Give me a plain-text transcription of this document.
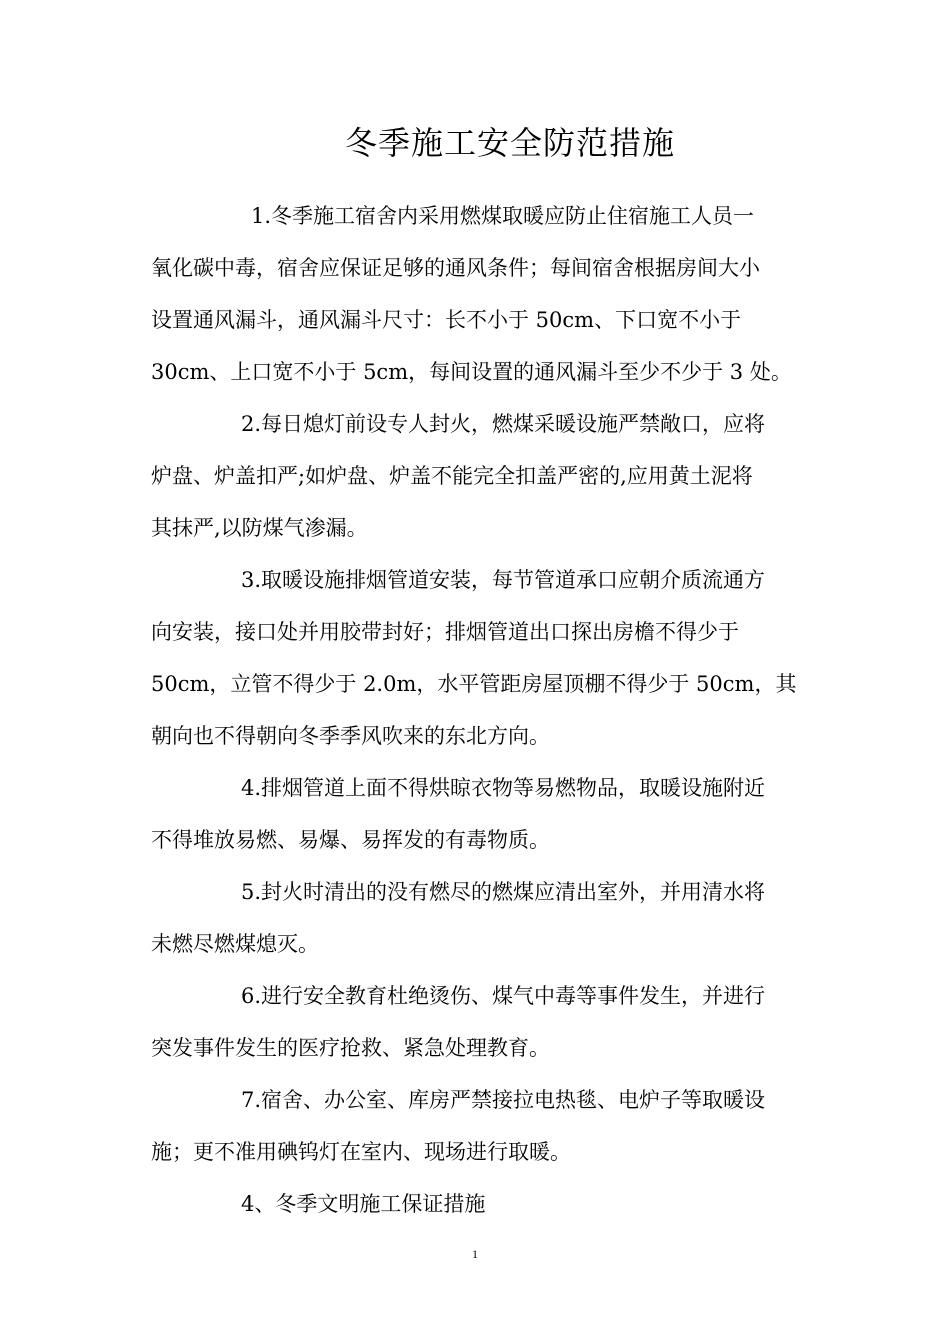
冬季施工安全防范措施
1.冬季施工宿舍内采用燃煤取暖应防止住宿施工人员一
氧化碳中毒，宿舍应保证足够的通风条件；每间宿舍根据房间大小
设置通风漏斗，通风漏斗尺寸：长不小于 50cm、下口宽不小于
30cm、上口宽不小于 5cm，每间设置的通风漏斗至少不少于 3 处。
2.每日熄灯前设专人封火，燃煤采暖设施严禁敞口，应将
炉盘、炉盖扣严;如炉盘、炉盖不能完全扣盖严密的,应用黄土泥将
其抹严,以防煤气渗漏。
3.取暖设施排烟管道安装，每节管道承口应朝介质流通方
向安装，接口处并用胶带封好；排烟管道出口探出房檐不得少于
50cm，立管不得少于 2.0m，水平管距房屋顶棚不得少于 50cm，其
朝向也不得朝向冬季季风吹来的东北方向。
4.排烟管道上面不得烘晾衣物等易燃物品，取暖设施附近
不得堆放易燃、易爆、易挥发的有毒物质。
5.封火时清出的没有燃尽的燃煤应清出室外，并用清水将
未燃尽燃煤熄灭。
6.进行安全教育杜绝烫伤、煤气中毒等事件发生，并进行
突发事件发生的医疗抢救、紧急处理教育。
7.宿舍、办公室、库房严禁接拉电热毯、电炉子等取暖设
施；更不准用碘钨灯在室内、现场进行取暖。
4、冬季文明施工保证措施
1
